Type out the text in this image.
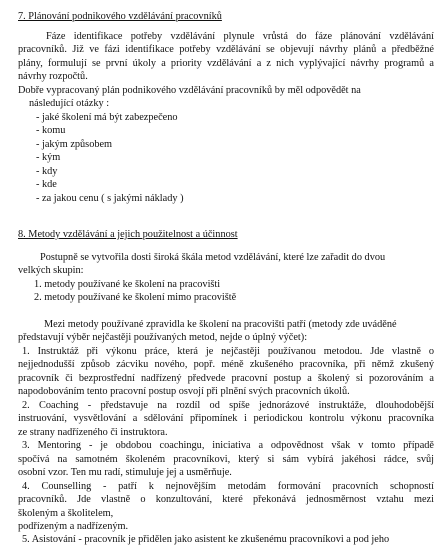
7. Plánování podnikového vzdělávání pracovníků
Fáze identifikace potřeby vzdělávání plynule vrůstá do fáze plánování vzdělávání
pracovníků. Již ve fázi identifikace potřeby vzdělávání se objevují návrhy plánů a předběžné
plány, formulují se první úkoly a priority vzdělávání a z nich vyplývající návrhy programů a
návrhy rozpočtů.
Dobře vypracovaný plán podnikového vzdělávání pracovníků by měl odpovědět na
následující otázky :
- jaké školení má být zabezpečeno
- komu
- jakým způsobem
- kým
- kdy
- kde
- za jakou cenu ( s jakými náklady )
8. Metody vzdělávání a jejich použitelnost a účinnost
Postupně se vytvořila dosti široká škála metod vzdělávání, které lze zařadit do dvou
velkých skupin:
1. metody používané ke školení na pracovišti
2. metody používané ke školení mimo pracoviště
Mezi metody používané zpravidla ke školení na pracovišti patří (metody zde uváděné
představují výběr nejčastěji používaných metod, nejde o úplný výčet):
1. Instruktáž při výkonu práce, která je nejčastěji používanou metodou. Jde vlastně o
nejjednodušší způsob zácviku nového, popř. méně zkušeného pracovníka, při němž zkušený
pracovník či bezprostřední nadřízený předvede pracovní postup a školený si pozorováním a
napodobováním tento pracovní postup osvojí při plnění svých pracovních úkolů.
2. Coaching - představuje na rozdíl od spíše jednorázové instruktáže, dlouhodobější
instruování, vysvětlování a sdělování připomínek i periodickou kontrolu výkonu pracovníka
ze strany nadřízeného či instruktora.
3. Mentoring - je obdobou coachingu, iniciativa a odpovědnost však v tomto případě
spočívá na samotném školeném pracovníkovi, který si sám vybírá jakéhosi rádce, svůj
osobní vzor. Ten mu radí, stimuluje jej a usměrňuje.
4. Counselling - patří k nejnovějším metodám formování pracovních schopností
pracovníků. Jde vlastně o konzultování, které překonává jednosměrnost vztahu mezi
školeným a školitelem,
podřízeným a nadřízeným.
5. Asistování - pracovník je přidělen jako asistent ke zkušenému pracovníkovi a pod jeho
